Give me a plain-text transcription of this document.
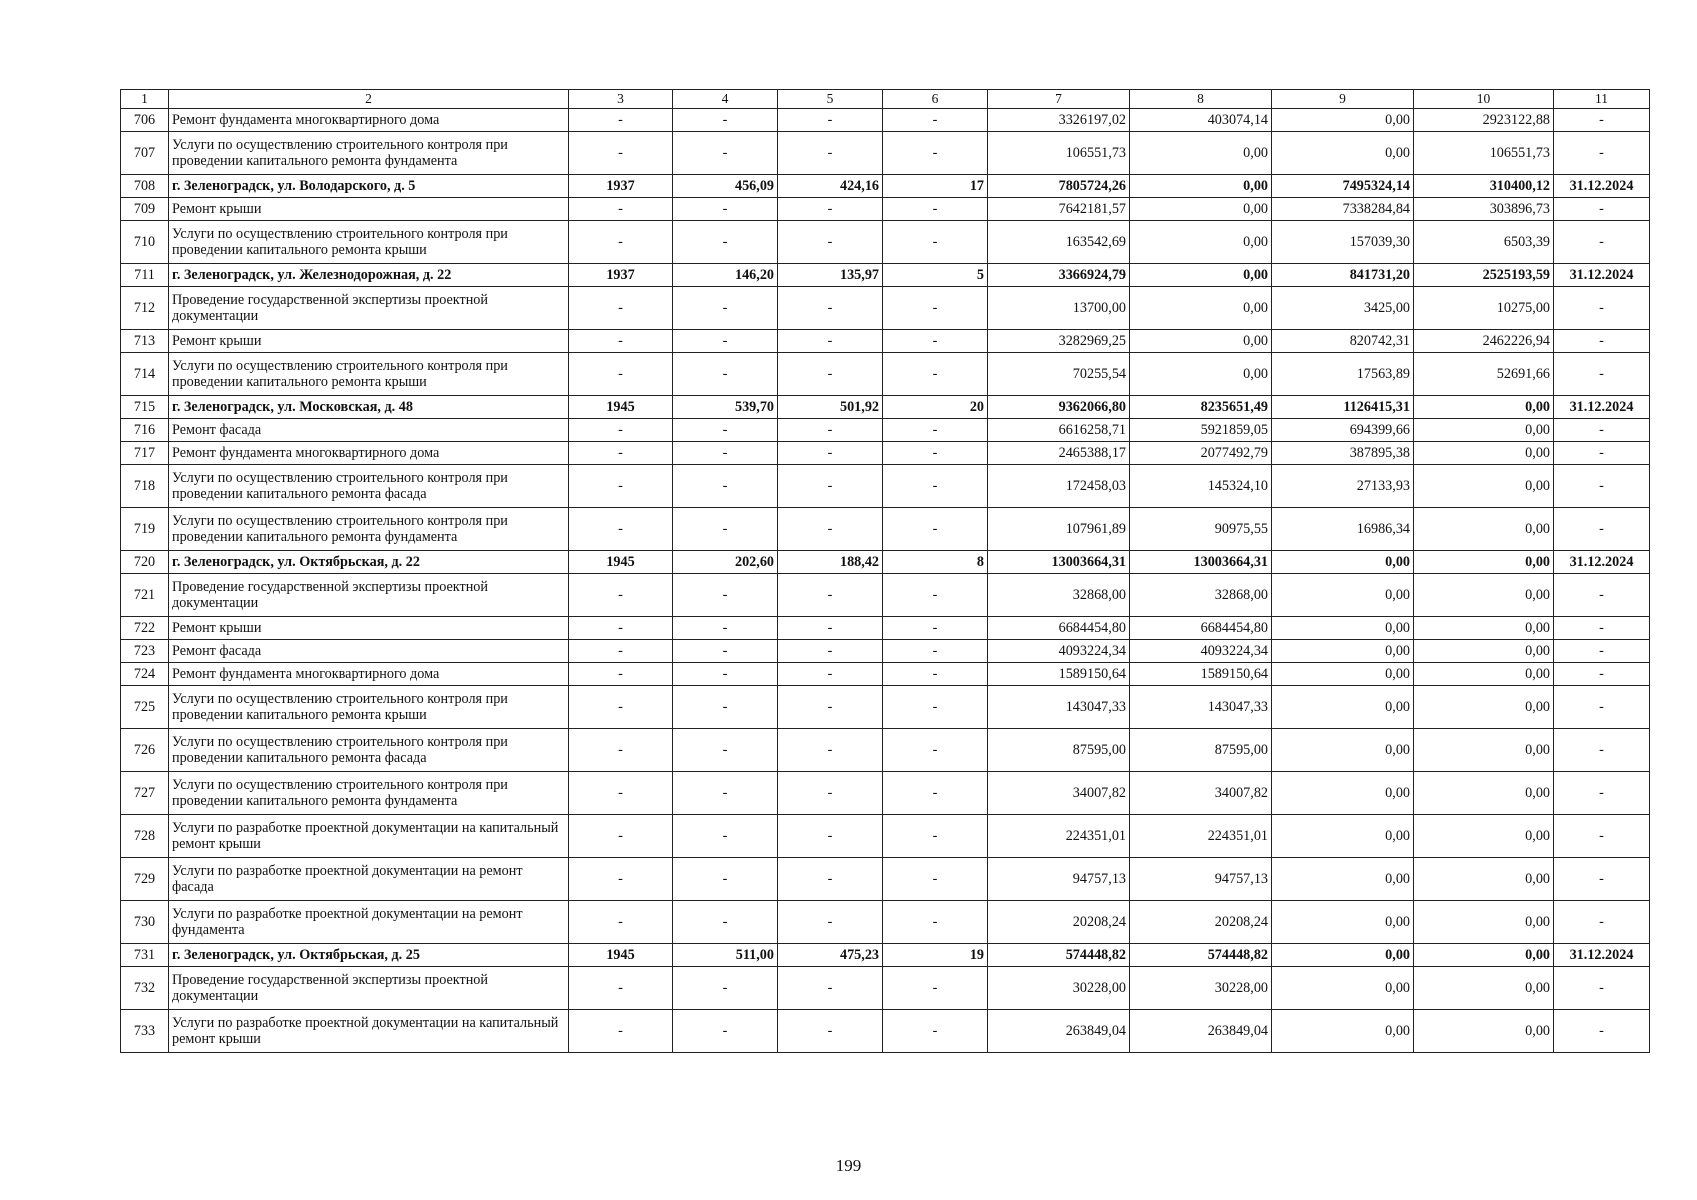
1	2	3	4	5	6	7	8	9	10	11
706	Ремонт фундамента многоквартирного дома	-	-	-	-	3326197,02	403074,14	0,00	2923122,88	-
707	Услуги по осуществлению строительного контроля при проведении капитального ремонта фундамента	-	-	-	-	106551,73	0,00	0,00	106551,73	-
708	г. Зеленоградск, ул. Володарского, д. 5	1937	456,09	424,16	17	7805724,26	0,00	7495324,14	310400,12	31.12.2024
709	Ремонт крыши	-	-	-	-	7642181,57	0,00	7338284,84	303896,73	-
710	Услуги по осуществлению строительного контроля при проведении капитального ремонта крыши	-	-	-	-	163542,69	0,00	157039,30	6503,39	-
711	г. Зеленоградск, ул. Железнодорожная, д. 22	1937	146,20	135,97	5	3366924,79	0,00	841731,20	2525193,59	31.12.2024
712	Проведение государственной экспертизы проектной документации	-	-	-	-	13700,00	0,00	3425,00	10275,00	-
713	Ремонт крыши	-	-	-	-	3282969,25	0,00	820742,31	2462226,94	-
714	Услуги по осуществлению строительного контроля при проведении капитального ремонта крыши	-	-	-	-	70255,54	0,00	17563,89	52691,66	-
715	г. Зеленоградск, ул. Московская, д. 48	1945	539,70	501,92	20	9362066,80	8235651,49	1126415,31	0,00	31.12.2024
716	Ремонт фасада	-	-	-	-	6616258,71	5921859,05	694399,66	0,00	-
717	Ремонт фундамента многоквартирного дома	-	-	-	-	2465388,17	2077492,79	387895,38	0,00	-
718	Услуги по осуществлению строительного контроля при проведении капитального ремонта фасада	-	-	-	-	172458,03	145324,10	27133,93	0,00	-
719	Услуги по осуществлению строительного контроля при проведении капитального ремонта фундамента	-	-	-	-	107961,89	90975,55	16986,34	0,00	-
720	г. Зеленоградск, ул. Октябрьская, д. 22	1945	202,60	188,42	8	13003664,31	13003664,31	0,00	0,00	31.12.2024
721	Проведение государственной экспертизы проектной документации	-	-	-	-	32868,00	32868,00	0,00	0,00	-
722	Ремонт крыши	-	-	-	-	6684454,80	6684454,80	0,00	0,00	-
723	Ремонт фасада	-	-	-	-	4093224,34	4093224,34	0,00	0,00	-
724	Ремонт фундамента многоквартирного дома	-	-	-	-	1589150,64	1589150,64	0,00	0,00	-
725	Услуги по осуществлению строительного контроля при проведении капитального ремонта крыши	-	-	-	-	143047,33	143047,33	0,00	0,00	-
726	Услуги по осуществлению строительного контроля при проведении капитального ремонта фасада	-	-	-	-	87595,00	87595,00	0,00	0,00	-
727	Услуги по осуществлению строительного контроля при проведении капитального ремонта фундамента	-	-	-	-	34007,82	34007,82	0,00	0,00	-
728	Услуги по разработке проектной документации на капитальный ремонт крыши	-	-	-	-	224351,01	224351,01	0,00	0,00	-
729	Услуги по разработке проектной документации на ремонт фасада	-	-	-	-	94757,13	94757,13	0,00	0,00	-
730	Услуги по разработке проектной документации на ремонт фундамента	-	-	-	-	20208,24	20208,24	0,00	0,00	-
731	г. Зеленоградск, ул. Октябрьская, д. 25	1945	511,00	475,23	19	574448,82	574448,82	0,00	0,00	31.12.2024
732	Проведение государственной экспертизы проектной документации	-	-	-	-	30228,00	30228,00	0,00	0,00	-
733	Услуги по разработке проектной документации на капитальный ремонт крыши	-	-	-	-	263849,04	263849,04	0,00	0,00	-
199
